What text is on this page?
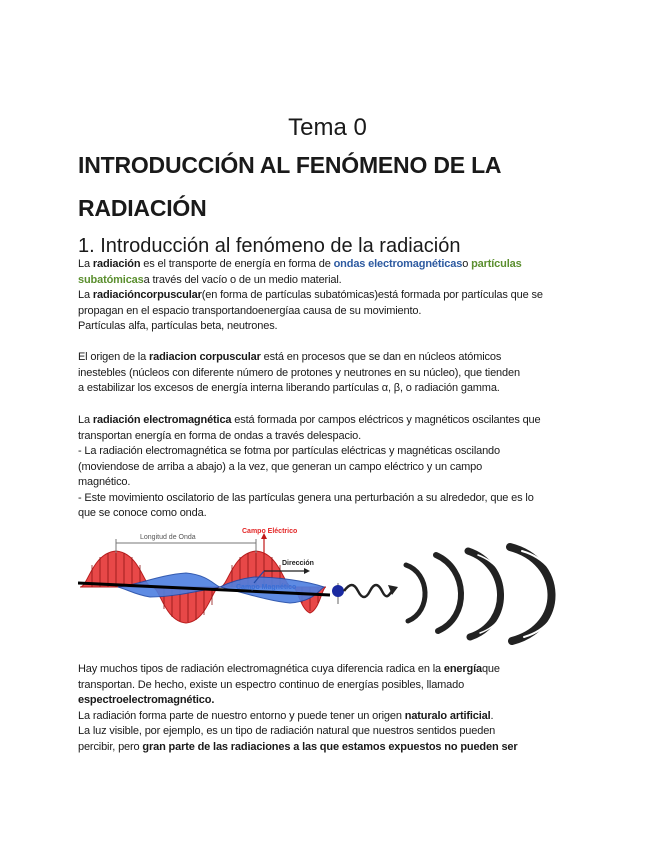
Tema 0
INTRODUCCIÓN AL FENÓMENO DE LA
RADIACIÓN
1. Introducción al fenómeno de la radiación
La radiación es el transporte de energía en forma de ondas electromagnéticaso partículas
subatómicasa través del vacío o de un medio material.
La radiacióncorpuscular(en forma de partículas subatómicas)está formada por partículas que se
propagan en el espacio transportandoenergíaa causa de su movimiento.
Partículas alfa, partículas beta, neutrones.
El origen de la radiacion corpuscular está en procesos que se dan en núcleos atómicos
inestebles (núcleos con diferente número de protones y neutrones en su núcleo), que tienden
a estabilizar los excesos de energía interna liberando partículas α, β, o radiación gamma.
La radiación electromagnética está formada por campos eléctricos y magnéticos oscilantes que
transportan energía en forma de ondas a través delespacio.
- La radiación electromagnética se fotma por partículas eléctricas y magnéticas oscilando
(moviendose de arriba a abajo) a la vez, que generan un campo eléctrico y un campo
magnético.
- Este movimiento oscilatorio de las partículas genera una perturbación a su alrededor, que es lo
que se conoce como onda.
Longitud de Onda
Campo Eléctrico
Dirección
Campo Magnético
Hay muchos tipos de radiación electromagnética cuya diferencia radica en la energíaque
transportan. De hecho, existe un espectro continuo de energías posibles, llamado
espectroelectromagnético.
La radiación forma parte de nuestro entorno y puede tener un origen naturalo artificial.
La luz visible, por ejemplo, es un tipo de radiación natural que nuestros sentidos pueden
percibir, pero gran parte de las radiaciones a las que estamos expuestos no pueden ser
